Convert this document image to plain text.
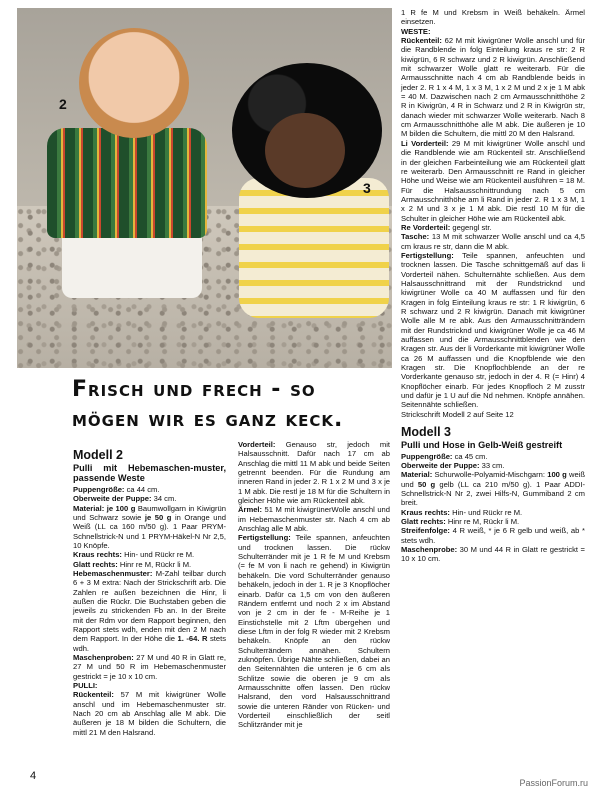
2
3
Frisch und frech - so
mögen wir es ganz keck.
Modell 2
Pulli mit Hebemaschen-muster, passende Weste

Puppengröße: ca 44 cm.

Oberweite der Puppe: 34 cm.

Material: je 100 g Baumwollgarn in Kiwigrün und Schwarz sowie je 50 g in Orange und Weiß (LL ca 160 m/50 g). 1 Paar PRYM-Schnellstrick-N und 1 PRYM-Häkel-N Nr 2,5, 10 Knöpfe.

Kraus rechts: Hin- und Rückr re M.

Glatt rechts: Hinr re M, Rückr li M.

Hebemaschenmuster: M-Zahl teilbar durch 6 + 3 M extra: Nach der Strickschrift arb. Die Zahlen re außen bezeichnen die Hinr, li außen die Rückr. Die Buchstaben geben die jeweils zu strickenden Fb an. In der Breite mit der Rdm vor dem Rapport beginnen, den Rapport stets wdh, enden mit den 2 M nach dem Rapport. In der Höhe die 1. -64. R stets wdh.

Maschenproben: 27 M und 40 R in Glatt re, 27 M und 50 R im Hebemaschenmuster gestrickt = je 10 x 10 cm.

PULLI:

Rückenteil: 57 M mit kiwigrüner Wolle anschl und im Hebemaschenmuster str. Nach 20 cm ab Anschlag alle M abk. Die äußeren je 18 M bilden die Schultern, die mittl 21 M den Halsrand.

Vorderteil: Genauso str, jedoch mit Halsausschnitt. Dafür nach 17 cm ab Anschlag die mittl 11 M abk und beide Seiten getrennt beenden. Für die Rundung am inneren Rand in jeder 2. R 1 x 2 M und 3 x je 1 M abk. Die restl je 18 M für die Schultern in gleicher Höhe wie am Rückenteil abk.

Ärmel: 51 M mit kiwigrünerWolle anschl und im Hebemaschenmuster str. Nach 4 cm ab Anschlag alle M abk.

Fertigstellung: Teile spannen, anfeuchten und trocknen lassen. Die rückw Schulterränder mit je 1 R fe M und Krebsm (= fe M von li nach re gehend) in Kiwigrün behäkeln. Die vord Schulterränder genauso behäkeln, jedoch in der 1. R je 3 Knopflöcher einarb. Dafür ca 1,5 cm von den äußeren Rändern entfernt und noch 2 x im Abstand von je 2 cm in der fe - M-Reihe je 1 Einstichstelle mit 2 Lftm übergehen und diese Lftm in der folg R wieder mit 2 Krebsm behäkeln. Knöpfe an den rückw Schulterrändern annähen. Schultern zuknöpfen. Übrige Nähte schließen, dabei an den Seitennähten die unteren je 6 cm als Schlitze sowie die oberen je 9 cm als Armausschnitte offen lassen. Den rückw Halsrand, den vord Halsausschnittrand sowie die unteren Ränder von Rücken- und Vorderteil einschließlich der seitl Schlitzränder mit je

1 R fe M und Krebsm in Weiß behäkeln. Ärmel einsetzen.

WESTE:

Rückenteil: 62 M mit kiwigrüner Wolle anschl und für die Randblende in folg Einteilung kraus re str: 2 R kiwigrün, 6 R schwarz und 2 R kiwigrün. Anschließend mit schwarzer Wolle glatt re weiterarb. Für die Armausschnitte nach 4 cm ab Randblende beids in jeder 2. R 1 x 4 M, 1 x 3 M, 1 x 2 M und 2 x je 1 M abk = 40 M. Dazwischen nach 2 cm Armausschnitthöhe 2 R in Kiwigrün, 4 R in Schwarz und 2 R in Kiwigrün str, danach wieder mit schwarzer Wolle weiterarb. Nach 8 cm Armausschnitthöhe alle M abk. Die äußeren je 10 M bilden die Schultern, die mittl 20 M den Halsrand.

Li Vorderteil: 29 M mit kiwigrüner Wolle anschl und die Randblende wie am Rückenteil str. Anschließend in der gleichen Farbeinteilung wie am Rückenteil glatt re weiterarb. Den Armausschnitt re Rand in gleicher Höhe und Weise wie am Rückenteil ausführen = 18 M. Für die Halsausschnittrundung nach 5 cm Armausschnitthöhe am li Rand in jeder 2. R 1 x 3 M, 1 x 2 M und 3 x je 1 M abk. Die restl 10 M für die Schulter in gleicher Höhe wie am Rückenteil abk.

Re Vorderteil: gegengl str.

Tasche: 13 M mit schwarzer Wolle anschl und ca 4,5 cm kraus re str, dann die M abk.

Fertigstellung: Teile spannen, anfeuchten und trocknen lassen. Die Tasche schnittgemäß auf das li Vorderteil nähen. Schulternähte schließen. Aus dem Halsausschnittrand mit der Rundstricknd und kiwigrüner Wolle ca 40 M auffassen und für den Kragen in folg Einteilung kraus re str: 1 R kiwigrün, 6 R schwarz und 2 R kiwigrün. Danach mit kiwigrüner Wolle alle M re abk. Aus den Armausschnitträndern mit der Rundstricknd und kiwigrüner Wolle je ca 46 M auffassen und die Armausschnittblenden wie den Kragen str. Aus der li Vorderkante mit kiwigrüner Wolle ca 26 M auffassen und die Knopfblende wie den Kragen str. Die Knopflochblende an der re Vorderkante genauso str, jedoch in der 4. R (= Hinr) 4 Knopflöcher einarb. Für jedes Knopfloch 2 M zusstr und dafür je 1 U auf die Nd nehmen. Knöpfe annähen. Seitennähte schließen.

Strickschrift Modell 2 auf Seite 12

Modell 3
Pulli und Hose in Gelb-Weiß gestreift

Puppengröße: ca 45 cm.

Oberweite der Puppe: 33 cm.

Material: Schurwolle-Polyamid-Mischgarn: 100 g weiß und 50 g gelb (LL ca 210 m/50 g). 1 Paar ADDI-Schnellstrick-N Nr 2, zwei Hilfs-N, Gummiband 2 cm breit.

Kraus rechts: Hin- und Rückr re M.

Glatt rechts: Hinr re M, Rückr li M.

Streifenfolge: 4 R weiß, * je 6 R gelb und weiß, ab * stets wdh.

Maschenprobe: 30 M und 44 R in Glatt re gestrickt = 10 x 10 cm.

4
PassionForum.ru
